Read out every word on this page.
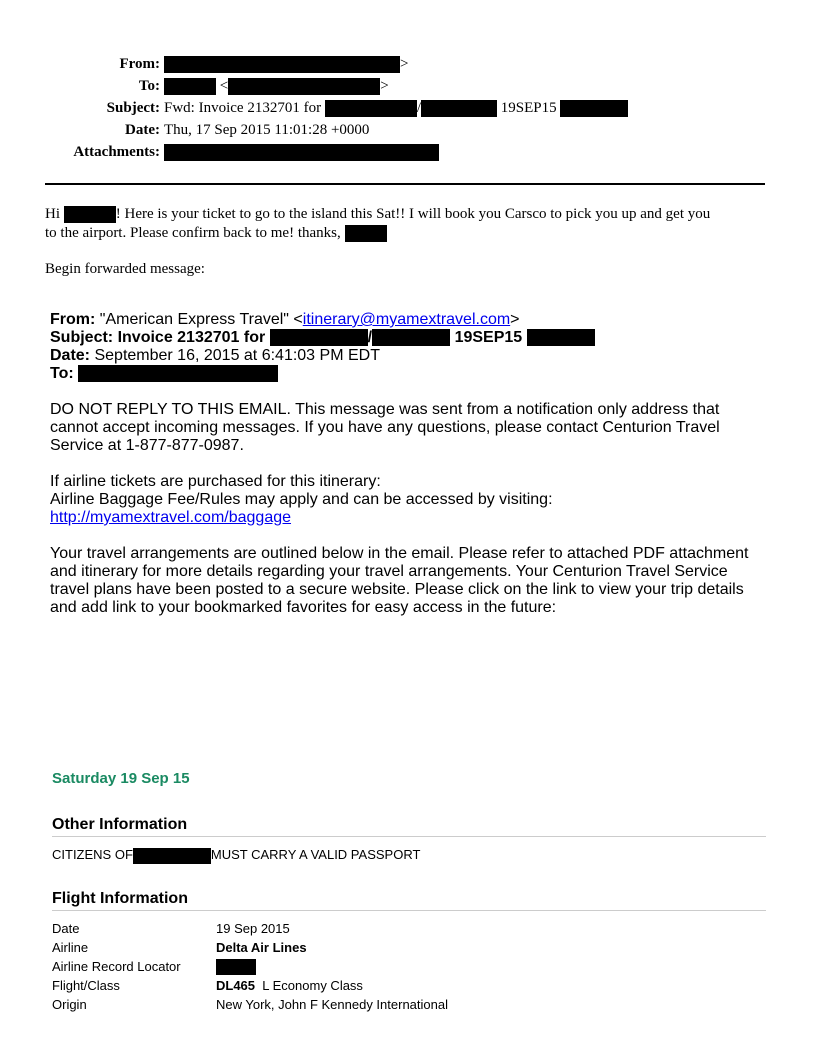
From:	>
To:	<	>
Subject: Fwd: Invoice 2132701 for	/	19SEP15
Date: Thu, 17 Sep 2015 11:01:28 +0000
Attachments:
Hi	! Here is your ticket to go to the island this Sat!! I will book you Carsco to pick you up and get you
to the airport. Please confirm back to me! thanks,
Begin forwarded message:
From: "American Express Travel" <itinerary@myamextravel.com>
Subject: Invoice 2132701 for	/	19SEP15
Date: September 16, 2015 at 6:41:03 PM EDT
To:
DO NOT REPLY TO THIS EMAIL. This message was sent from a notification only address that cannot accept incoming messages. If you have any questions, please contact Centurion Travel Service at 1-877-877-0987.
If airline tickets are purchased for this itinerary:
Airline Baggage Fee/Rules may apply and can be accessed by visiting:
http://myamextravel.com/baggage
Your travel arrangements are outlined below in the email. Please refer to attached PDF attachment and itinerary for more details regarding your travel arrangements. Your Centurion Travel Service travel plans have been posted to a secure website. Please click on the link to view your trip details and add link to your bookmarked favorites for easy access in the future:
Saturday 19 Sep 15
Other Information
CITIZENS OF	MUST CARRY A VALID PASSPORT
Flight Information
Date	19 Sep 2015
Airline	Delta Air Lines
Airline Record Locator
Flight/Class	DL465 L Economy Class
Origin	New York, John F Kennedy International
